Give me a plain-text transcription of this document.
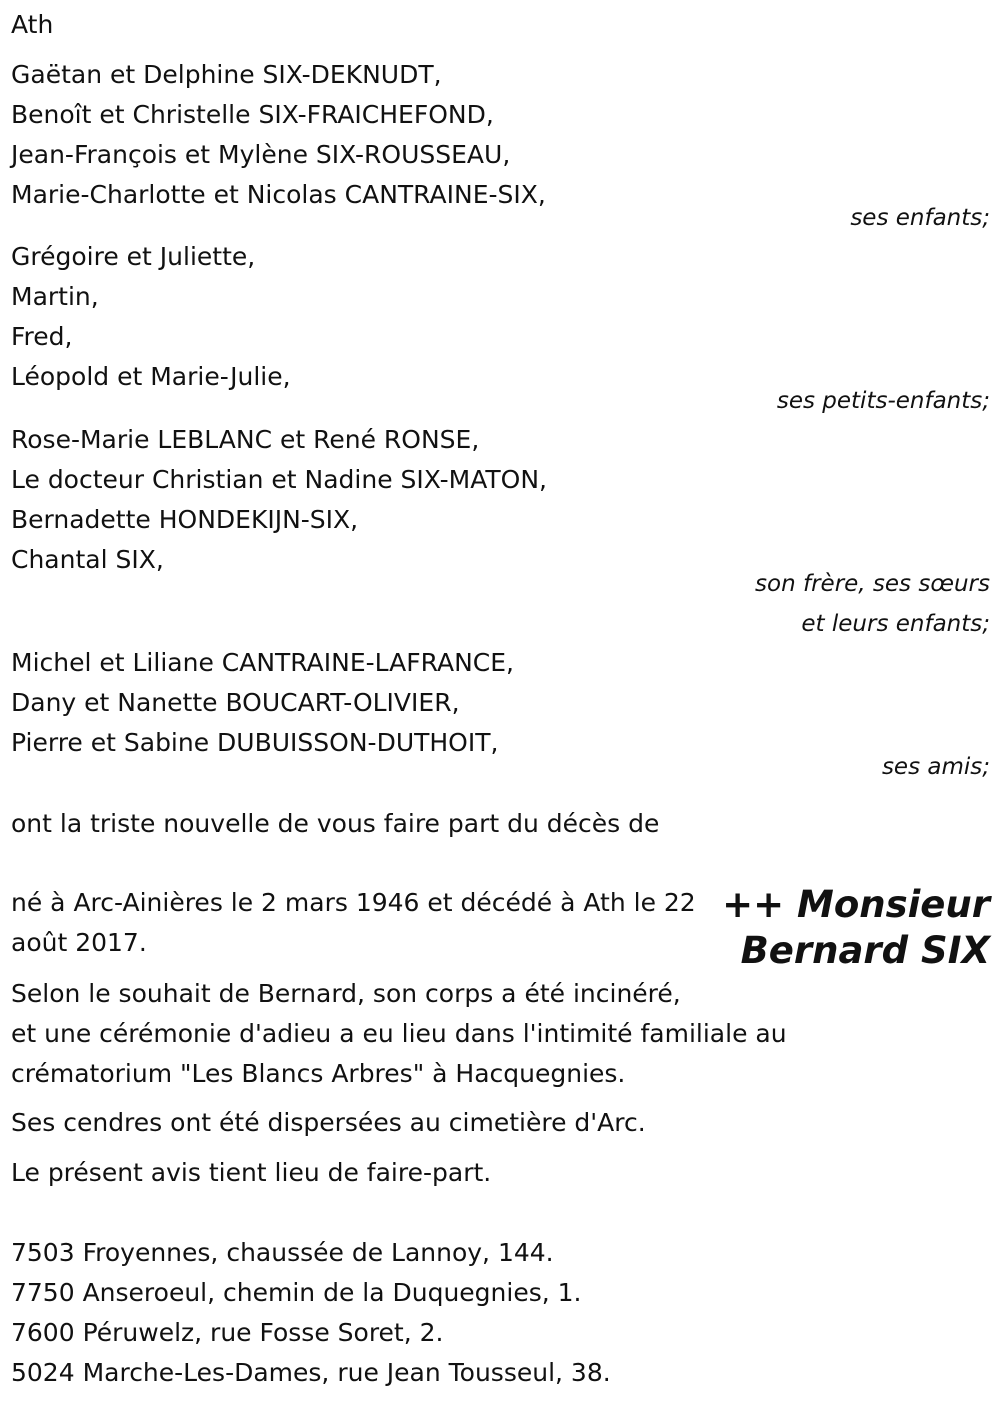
Ath
Gaëtan et Delphine SIX-DEKNUDT,
Benoît et Christelle SIX-FRAICHEFOND,
Jean-François et Mylène SIX-ROUSSEAU,
Marie-Charlotte et Nicolas CANTRAINE-SIX,
ses enfants;
Grégoire et Juliette,
Martin,
Fred,
Léopold et Marie-Julie,
ses petits-enfants;
Rose-Marie LEBLANC et René RONSE,
Le docteur Christian et Nadine SIX-MATON,
Bernadette HONDEKIJN-SIX,
Chantal SIX,
son frère, ses sœurs
et leurs enfants;
Michel et Liliane CANTRAINE-LAFRANCE,
Dany et Nanette BOUCART-OLIVIER,
Pierre et Sabine DUBUISSON-DUTHOIT,
ses amis;
ont la triste nouvelle de vous faire part du décès de
++ Monsieur
Bernard SIX
né à Arc-Ainières le 2 mars 1946 et décédé à Ath le 22 août 2017.
Selon le souhait de Bernard, son corps a été incinéré,
et une cérémonie d'adieu a eu lieu dans l'intimité familiale au
crématorium "Les Blancs Arbres" à Hacquegnies.
Ses cendres ont été dispersées au cimetière d'Arc.
Le présent avis tient lieu de faire-part.
7503 Froyennes, chaussée de Lannoy, 144.
7750 Anseroeul, chemin de la Duquegnies, 1.
7600 Péruwelz, rue Fosse Soret, 2.
5024 Marche-Les-Dames, rue Jean Tousseul, 38.
